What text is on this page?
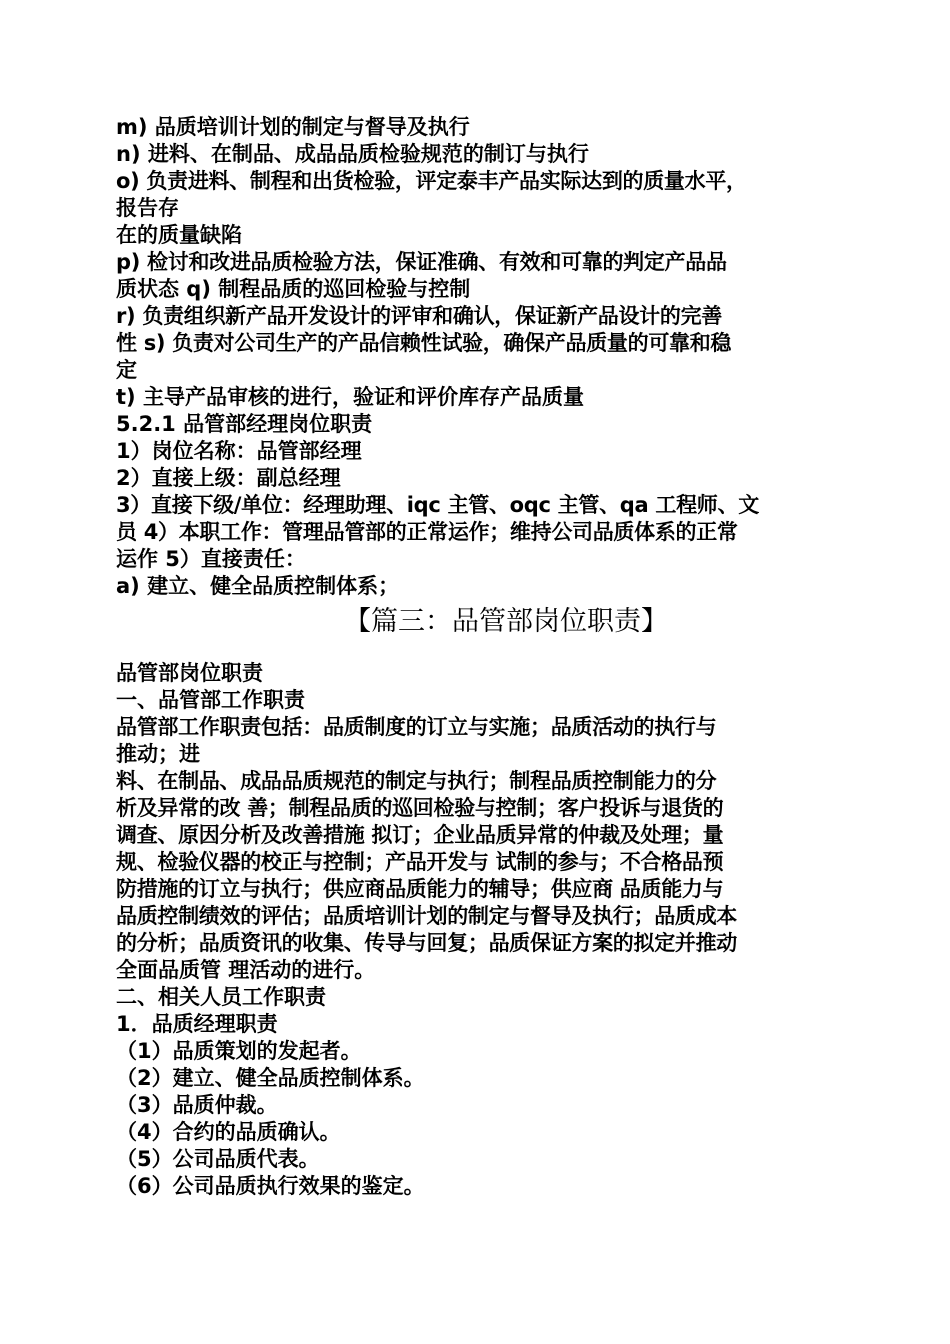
m) 品质培训计划的制定与督导及执行
n) 进料、在制品、成品品质检验规范的制订与执行
o) 负责进料、制程和出货检验，评定泰丰产品实际达到的质量水平，
报告存
在的质量缺陷
p) 检讨和改进品质检验方法，保证准确、有效和可靠的判定产品品
质状态 q) 制程品质的巡回检验与控制
r) 负责组织新产品开发设计的评审和确认，保证新产品设计的完善
性 s) 负责对公司生产的产品信赖性试验，确保产品质量的可靠和稳
定
t) 主导产品审核的进行，验证和评价库存产品质量
5.2.1 品管部经理岗位职责
1）岗位名称：品管部经理
2）直接上级：副总经理
3）直接下级/单位：经理助理、iqc 主管、oqc 主管、qa 工程师、文
员 4）本职工作：管理品管部的正常运作；维持公司品质体系的正常
运作 5）直接责任：
a) 建立、健全品质控制体系；
【篇三：品管部岗位职责】
品管部岗位职责
一、品管部工作职责
品管部工作职责包括：品质制度的订立与实施；品质活动的执行与
推动；进
料、在制品、成品品质规范的制定与执行；制程品质控制能力的分
析及异常的改 善；制程品质的巡回检验与控制；客户投诉与退货的
调查、原因分析及改善措施 拟订；企业品质异常的仲裁及处理；量
规、检验仪器的校正与控制；产品开发与 试制的参与；不合格品预
防措施的订立与执行；供应商品质能力的辅导；供应商 品质能力与
品质控制绩效的评估；品质培训计划的制定与督导及执行；品质成本
的分析；品质资讯的收集、传导与回复；品质保证方案的拟定并推动
全面品质管 理活动的进行。
二、相关人员工作职责
1．品质经理职责
（1）品质策划的发起者。
（2）建立、健全品质控制体系。
（3）品质仲裁。
（4）合约的品质确认。
（5）公司品质代表。
（6）公司品质执行效果的鉴定。
